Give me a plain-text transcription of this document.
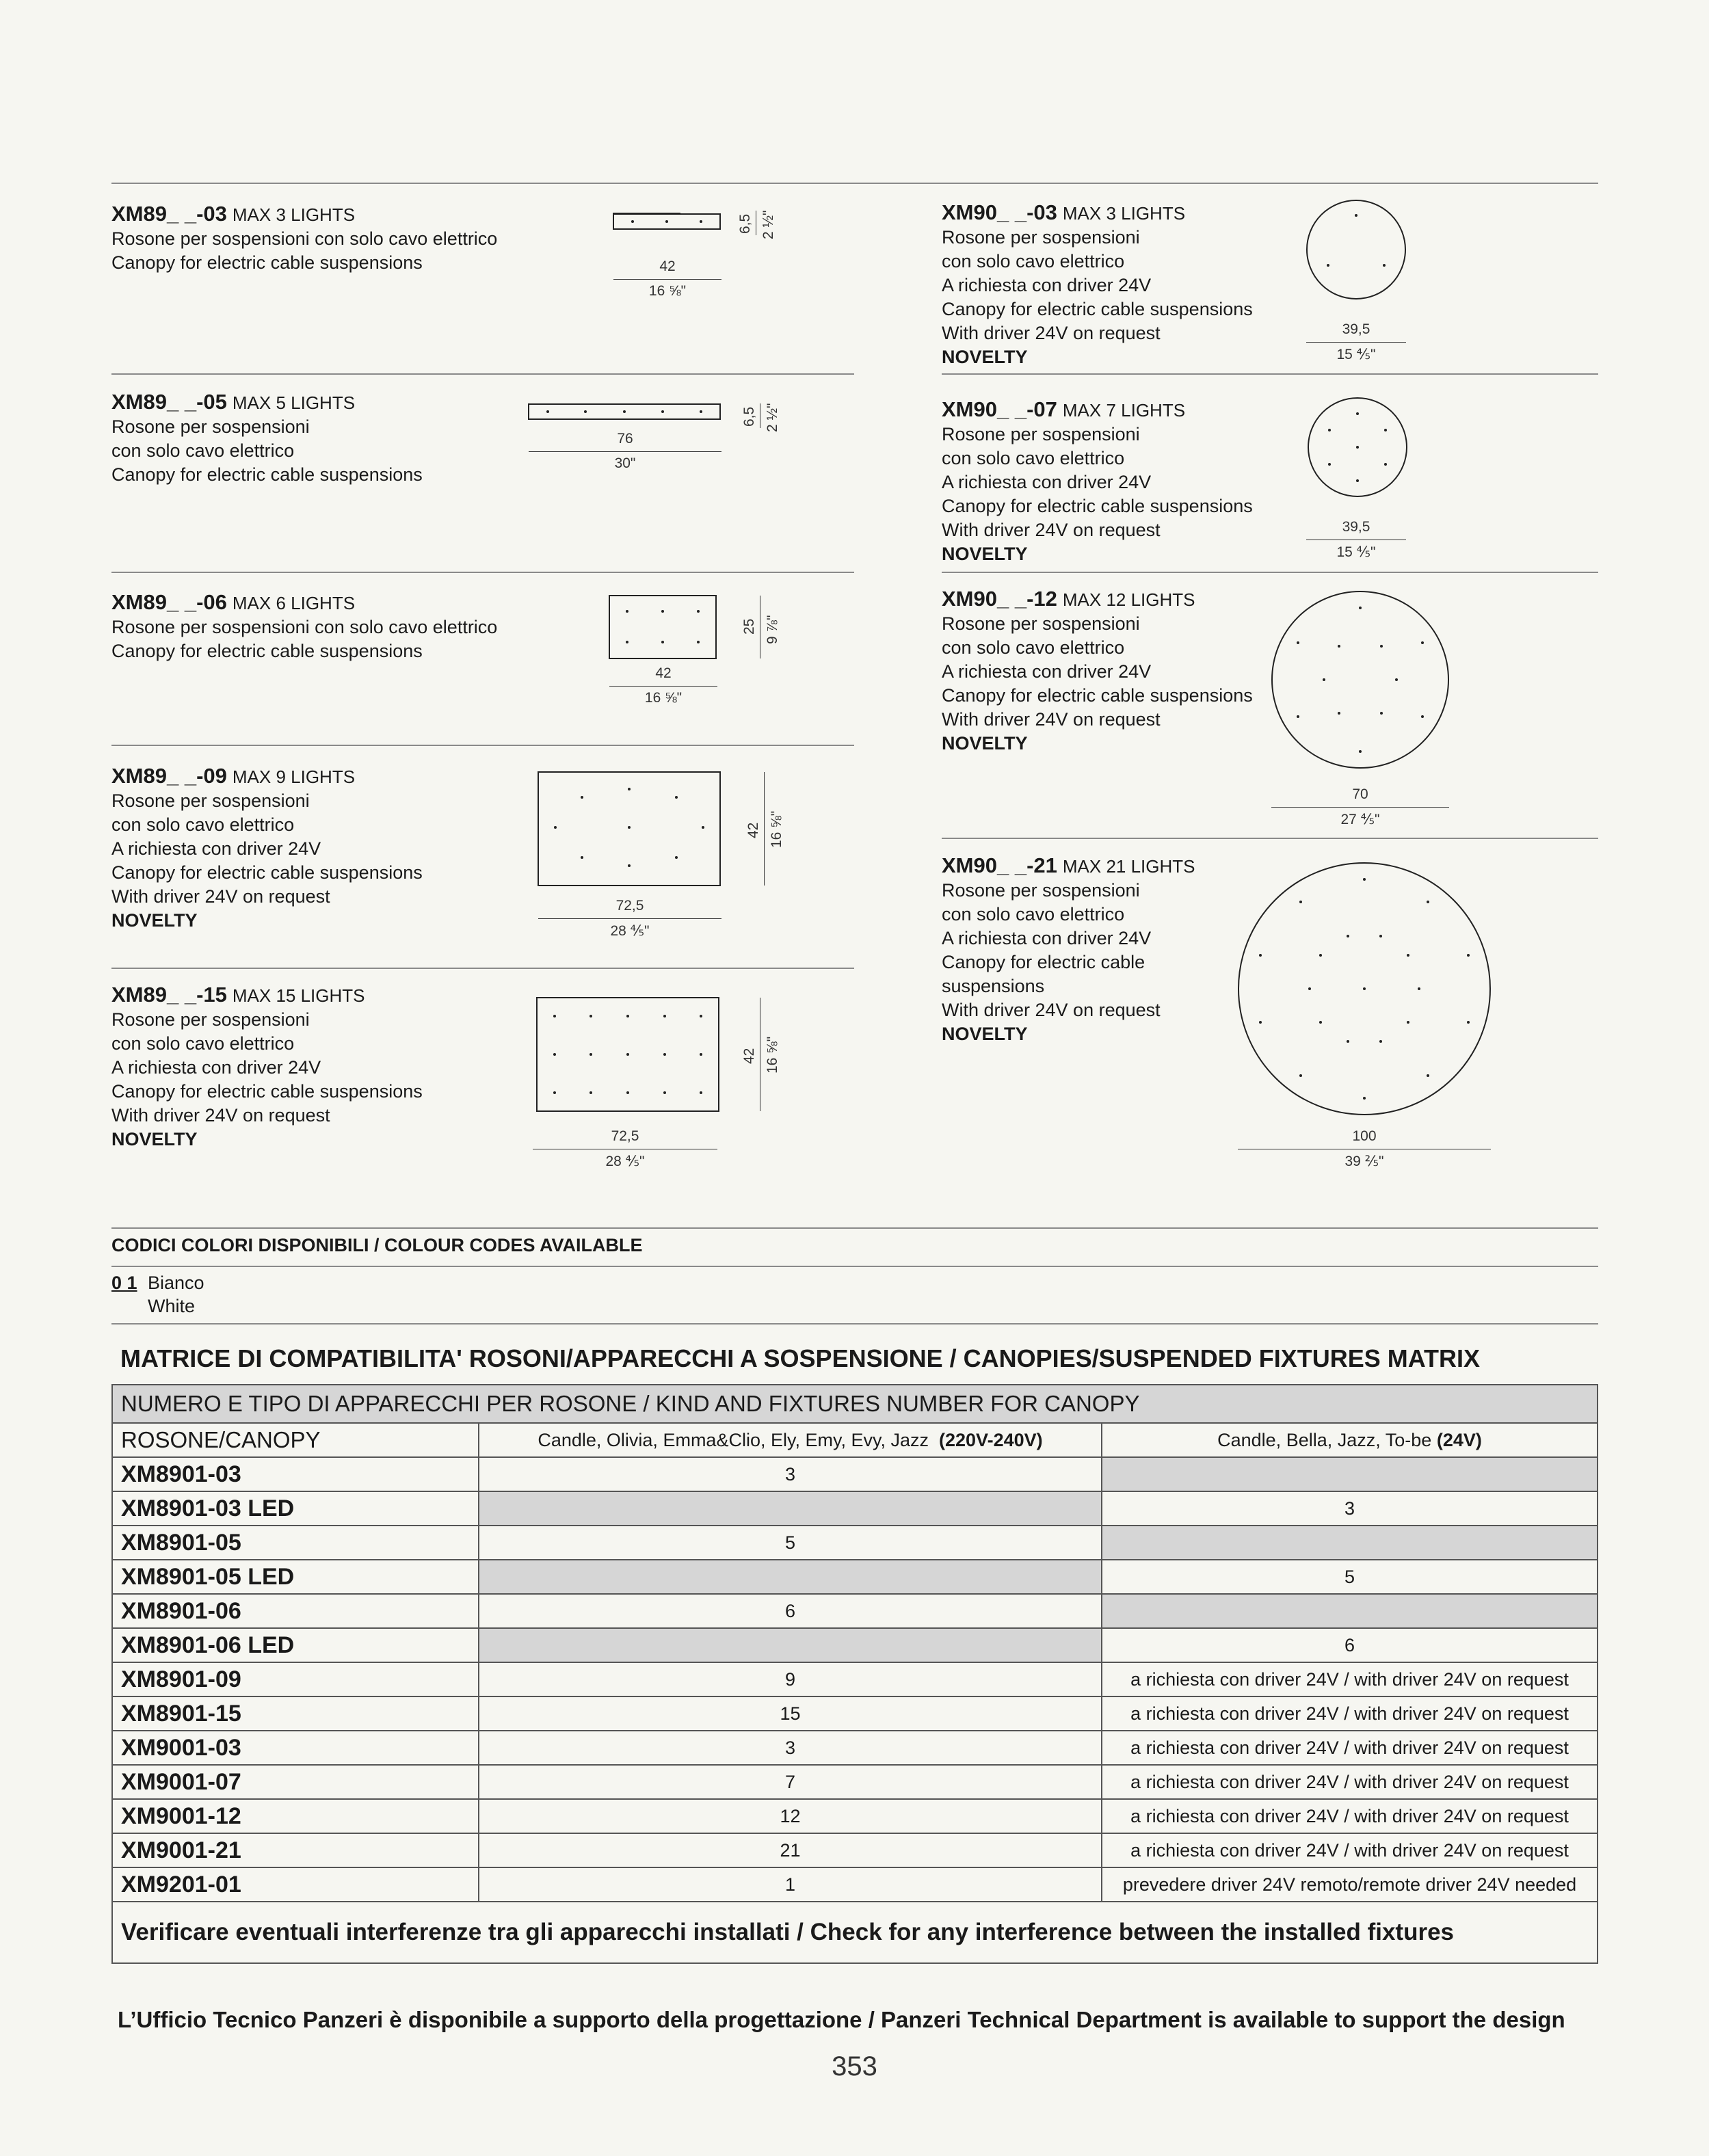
XM89_ _-03 MAX 3 LIGHTS
Rosone per sospensioni con solo cavo elettrico
Canopy for electric cable suspensions
XM89_ _-05 MAX 5 LIGHTS
Rosone per sospensioni
con solo cavo elettrico
Canopy for electric cable suspensions
XM89_ _-06 MAX 6 LIGHTS
Rosone per sospensioni con solo cavo elettrico
Canopy for electric cable suspensions
XM89_ _-09 MAX 9 LIGHTS
Rosone per sospensioni
con solo cavo elettrico
A richiesta con driver 24V
Canopy for electric cable suspensions
With driver 24V on request
NOVELTY
XM89_ _-15 MAX 15 LIGHTS
Rosone per sospensioni
con solo cavo elettrico
A richiesta con driver 24V
Canopy for electric cable suspensions
With driver 24V on request
NOVELTY
XM90_ _-03 MAX 3 LIGHTS
Rosone per sospensioni
con solo cavo elettrico
A richiesta con driver 24V
Canopy for electric cable suspensions
With driver 24V on request
NOVELTY
XM90_ _-07 MAX 7 LIGHTS
Rosone per sospensioni
con solo cavo elettrico
A richiesta con driver 24V
Canopy for electric cable suspensions
With driver 24V on request
NOVELTY
XM90_ _-12 MAX 12 LIGHTS
Rosone per sospensioni
con solo cavo elettrico
A richiesta con driver 24V
Canopy for electric cable suspensions
With driver 24V on request
NOVELTY
XM90_ _-21 MAX 21 LIGHTS
Rosone per sospensioni
con solo cavo elettrico
A richiesta con driver 24V
Canopy for electric cable
suspensions
With driver 24V on request
NOVELTY
42
16 ⅝"
6,5 2 ½"
76
30"
6,5 2 ½"
42
16 ⅝"
25 9 ⅞"
72,5
28 ⅘"
42 16 ⅝"
72,5
28 ⅘"
42 16 ⅝"
39,5
15 ⅘"
39,5
15 ⅘"
70
27 ⅘"
100
39 ⅖"
CODICI COLORI DISPONIBILI / COLOUR CODES AVAILABLE
0 1 Bianco
White
MATRICE DI COMPATIBILITA' ROSONI/APPARECCHI A SOSPENSIONE / CANOPIES/SUSPENDED FIXTURES MATRIX
NUMERO E TIPO DI APPARECCHI PER ROSONE / KIND AND FIXTURES NUMBER FOR CANOPY		
ROSONE/CANOPY	Candle, Olivia, Emma&Clio, Ely, Emy, Evy, Jazz (220V-240V)	Candle, Bella, Jazz, To-be (24V)
XM8901-03	3	
XM8901-03 LED		3
XM8901-05	5	
XM8901-05 LED		5
XM8901-06	6	
XM8901-06 LED		6
XM8901-09	9	a richiesta con driver 24V / with driver 24V on request
XM8901-15	15	a richiesta con driver 24V / with driver 24V on request
XM9001-03	3	a richiesta con driver 24V / with driver 24V on request
XM9001-07	7	a richiesta con driver 24V / with driver 24V on request
XM9001-12	12	a richiesta con driver 24V / with driver 24V on request
XM9001-21	21	a richiesta con driver 24V / with driver 24V on request
XM9201-01	1	prevedere driver 24V remoto/remote driver 24V needed
Verificare eventuali interferenze tra gli apparecchi installati / Check for any interference between the installed fixtures		
L’Ufficio Tecnico Panzeri è disponibile a supporto della progettazione / Panzeri Technical Department is available to support the design
353
